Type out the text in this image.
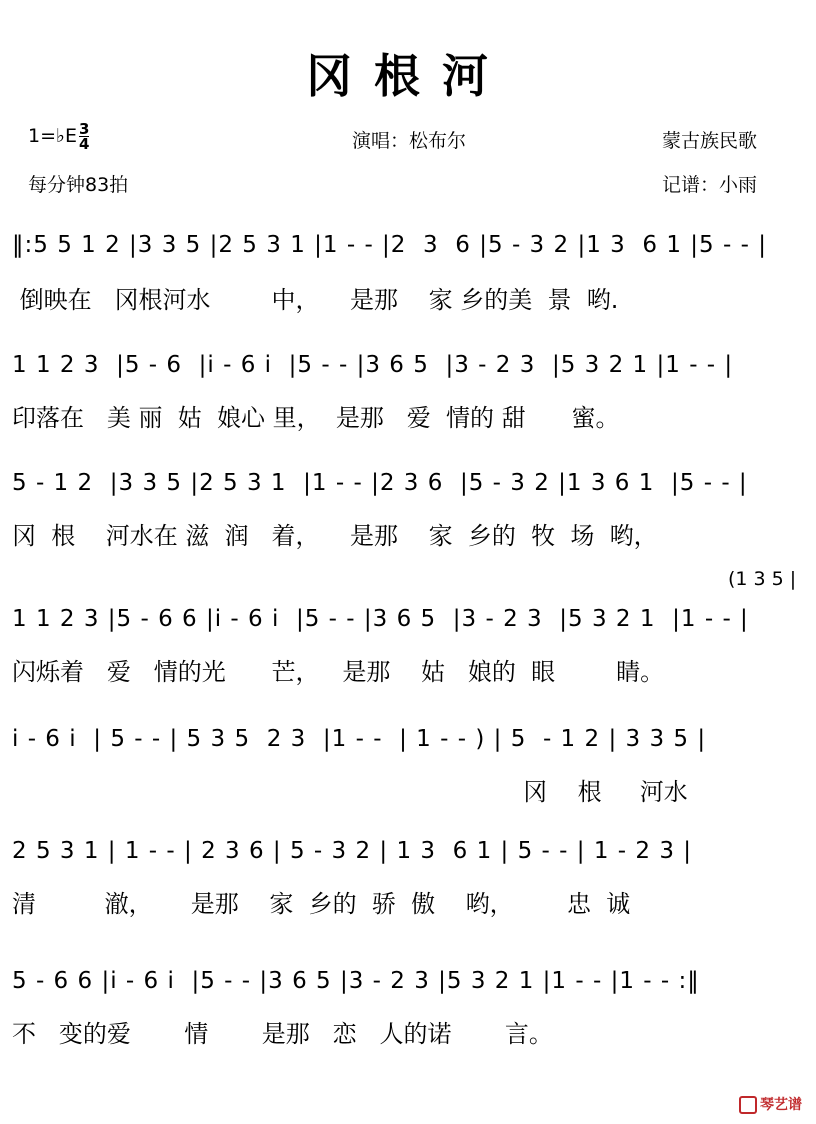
冈根河
1=♭E $\frac{3}{4}$	演唱：松布尔	蒙古族民歌
每分钟83拍	记谱：小雨
‖:5 5 1 2 |3 3 5 |2 5 3 1 |1 - - |2  3  6 |5 - 3 2 |1 3  6 1 |5 - - |
倒映在   冈根河水        中，    是那    家 乡的美  景  哟.
1 1 2 3  |5 - 6  |i - 6 i  |5 - - |3 6 5  |3 - 2 3  |5 3 2 1 |1 - - |
印落在   美 丽  姑  娘心 里，  是那   爱  情的 甜      蜜。
5 - 1 2  |3 3 5 |2 5 3 1  |1 - - |2 3 6  |5 - 3 2 |1 3 6 1  |5 - - |
冈  根    河水在 滋  润   着，    是那    家  乡的  牧  场  哟，
(1 3 5 |
1 1 2 3 |5 - 6 6 |i - 6 i  |5 - - |3 6 5  |3 - 2 3  |5 3 2 1  |1 - - |
闪烁着   爱   情的光      芒，   是那    姑   娘的  眼        睛。
i - 6 i  | 5 - - | 5 3 5  2 3  |1 - -  | 1 - - ) | 5  - 1 2 | 3 3 5 |
冈    根     河水
2 5 3 1 | 1 - - | 2 3 6 | 5 - 3 2 | 1 3  6 1 | 5 - - | 1 - 2 3 |
清         澈，     是那    家  乡的  骄  傲    哟，       忠  诚
5 - 6 6 |i - 6 i  |5 - - |3 6 5 |3 - 2 3 |5 3 2 1 |1 - - |1 - - :‖
不   变的爱       情       是那   恋   人的诺       言。
琴艺谱
